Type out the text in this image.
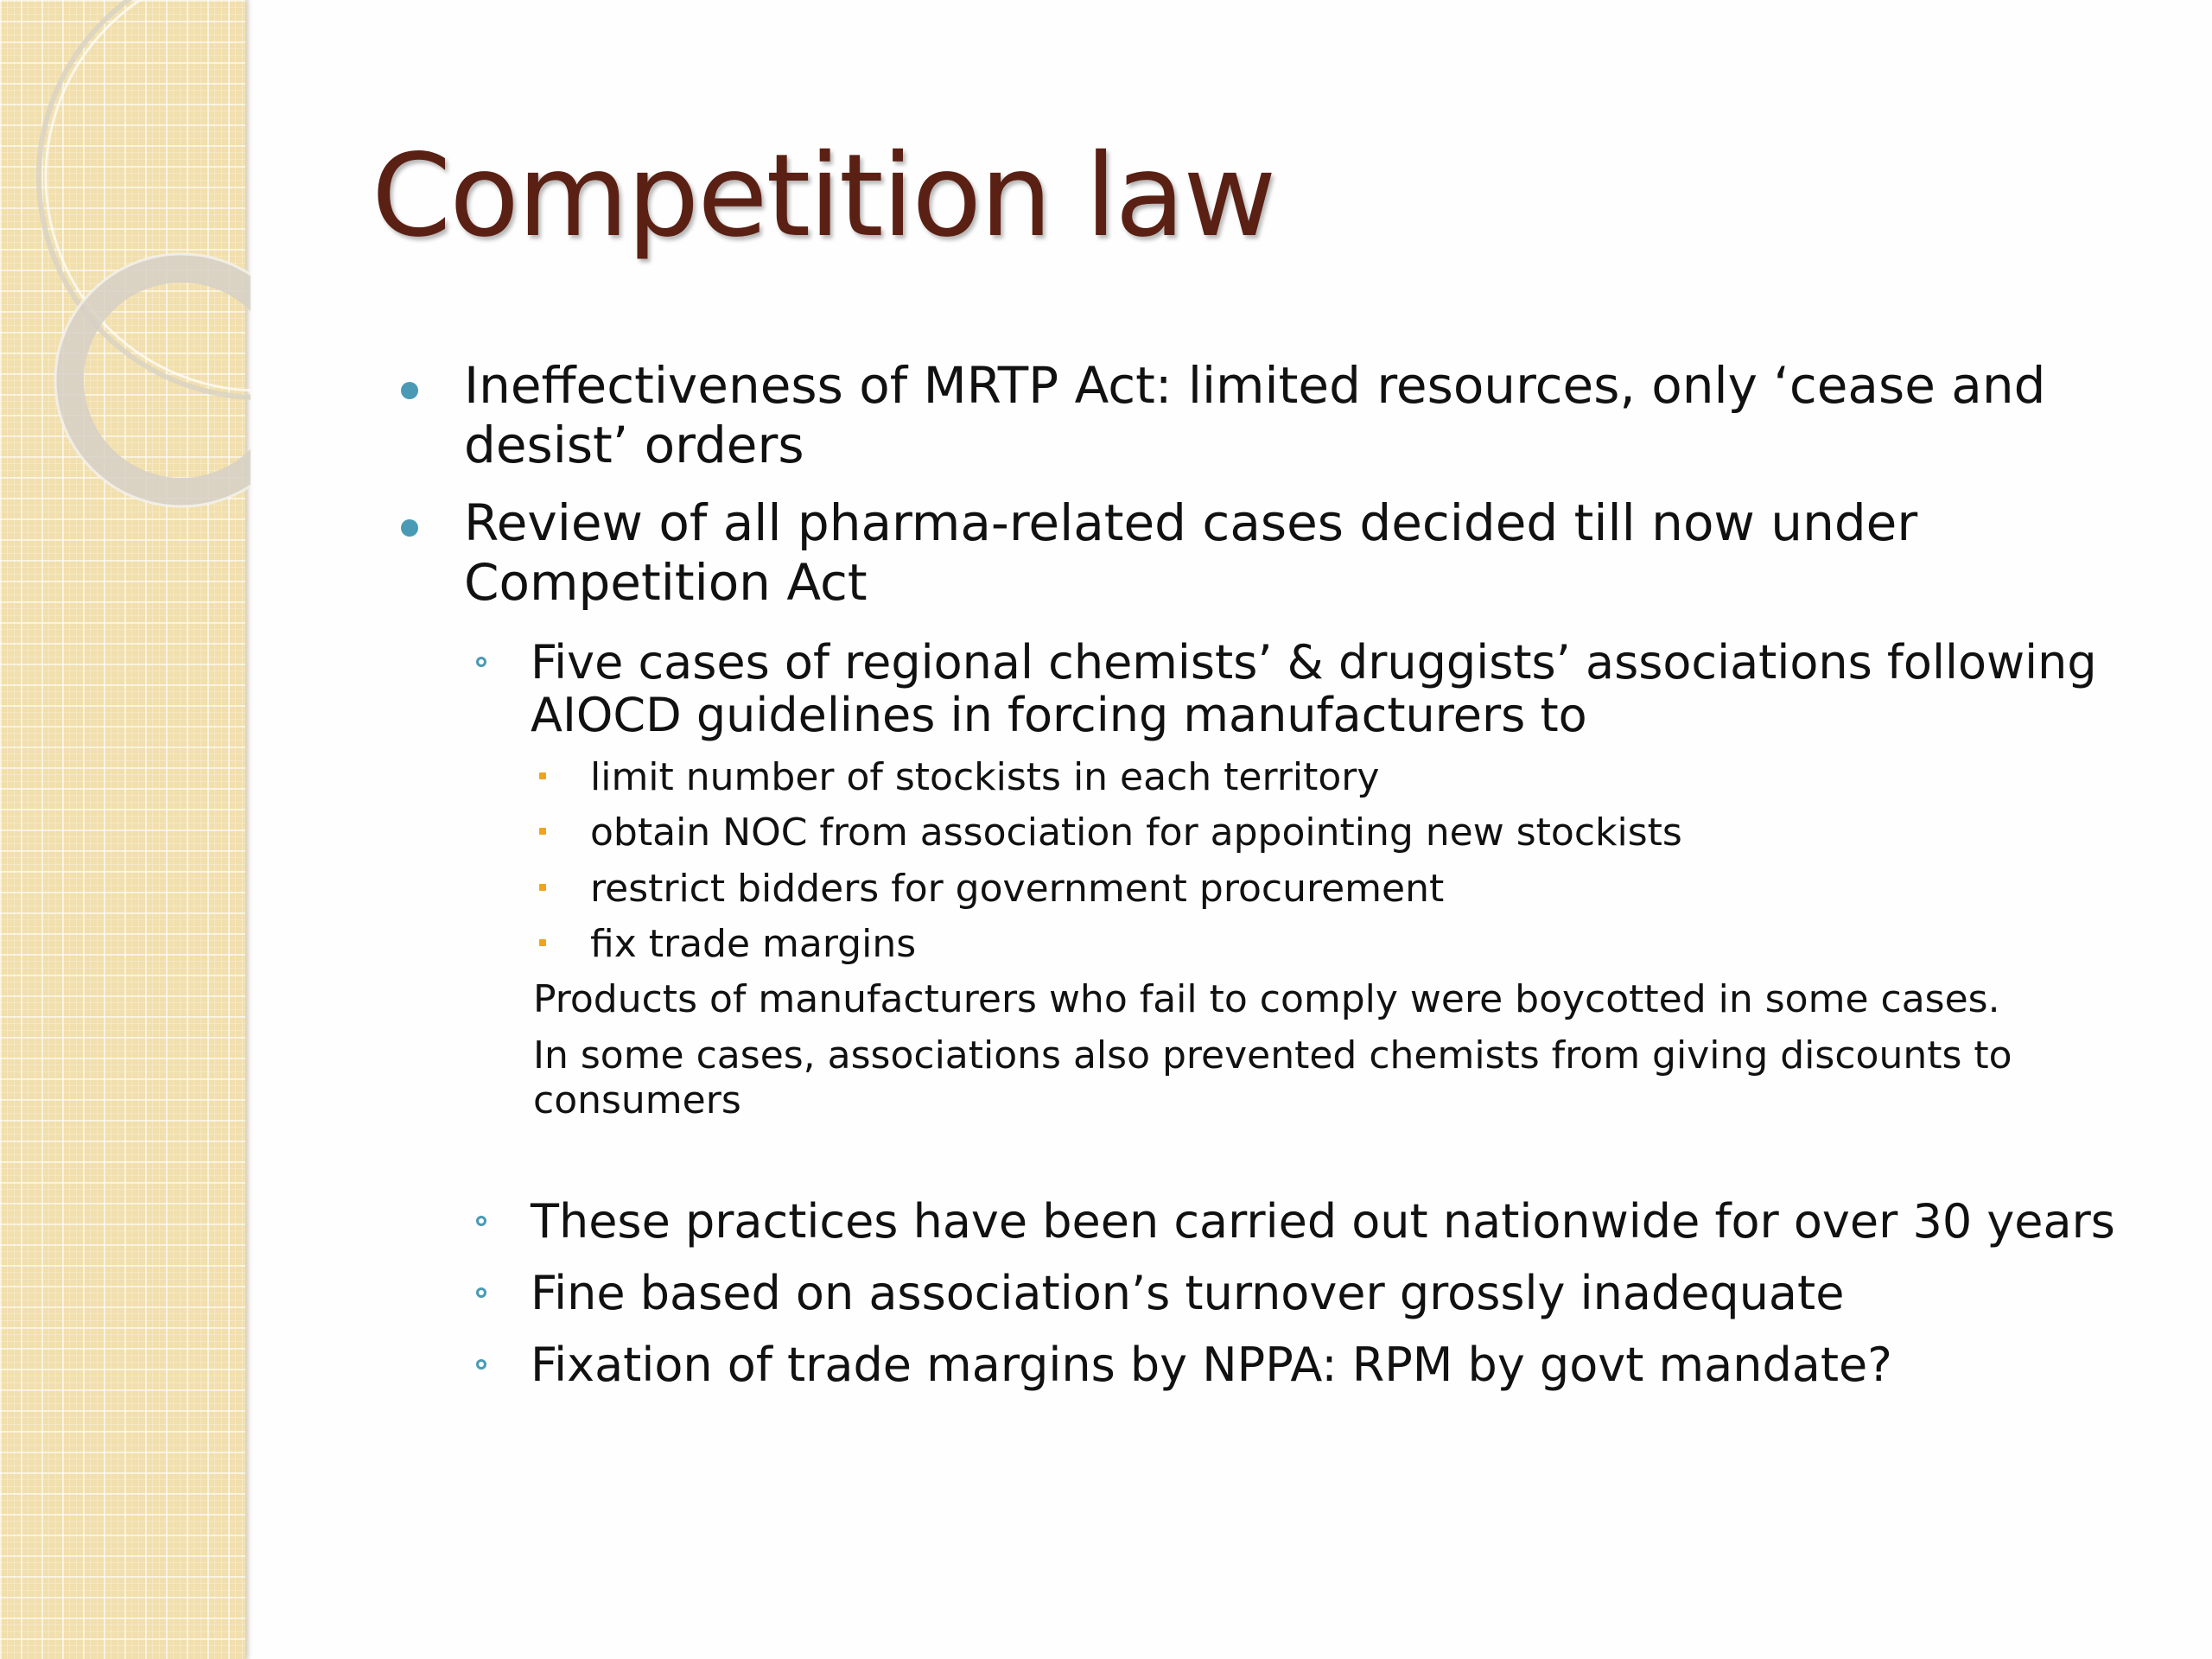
Competition law
Ineffectiveness of MRTP Act: limited resources, only ‘cease and
desist’ orders
Review of all pharma-related cases decided till now under
Competition Act
Five cases of regional chemists’ & druggists’ associations following
AIOCD guidelines in forcing manufacturers to
limit number of stockists in each territory
obtain NOC from association for appointing new stockists
restrict bidders for government procurement
fix trade margins
Products of manufacturers who fail to comply were boycotted in some cases.
In some cases, associations also prevented chemists from giving discounts to
consumers
These practices have been carried out nationwide for over 30 years
Fine based on association’s turnover grossly inadequate
Fixation of trade margins by NPPA: RPM by govt mandate?
